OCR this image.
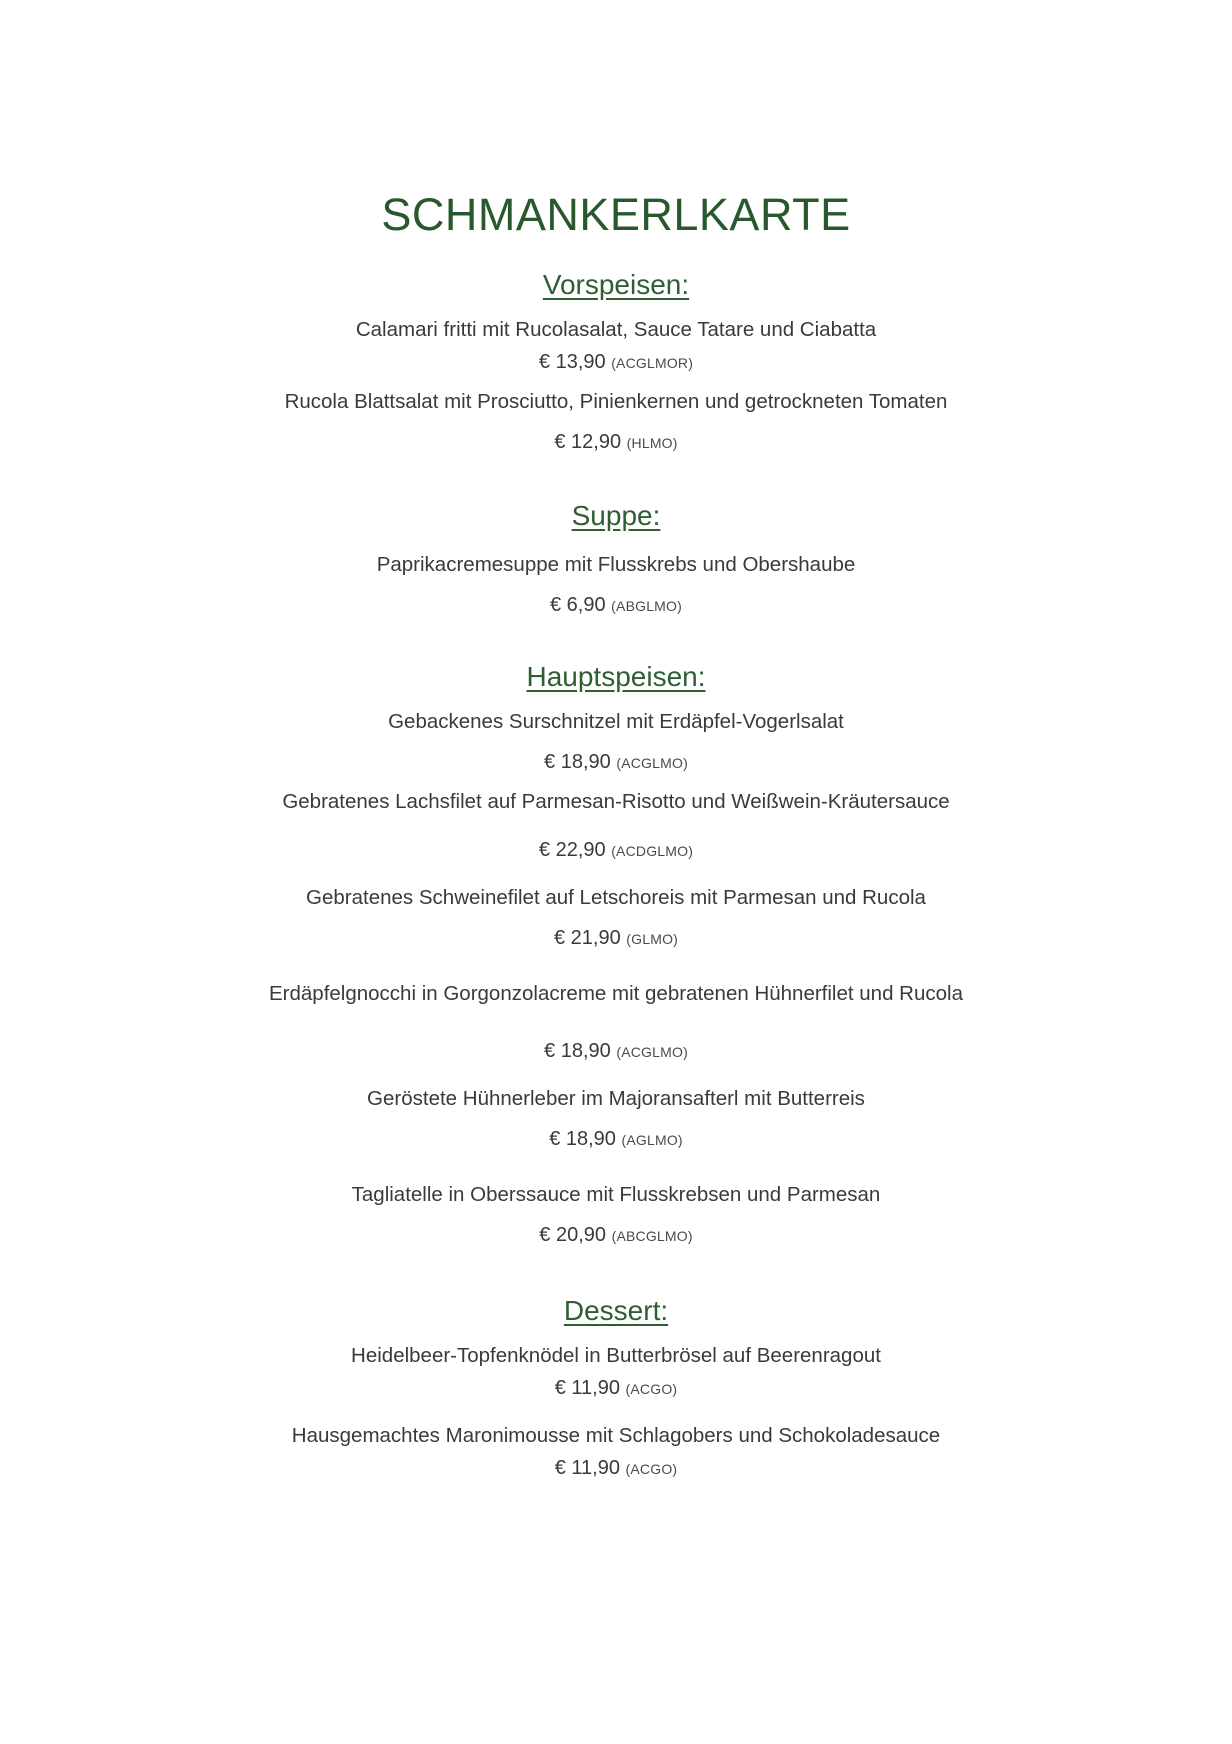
SCHMANKERLKARTE
Vorspeisen:
Calamari fritti mit Rucolasalat, Sauce Tatare und Ciabatta
€ 13,90 (ACGLMOR)
Rucola Blattsalat mit Prosciutto, Pinienkernen und getrockneten Tomaten
€ 12,90 (HLMO)
Suppe:
Paprikacremesuppe mit Flusskrebs und Obershaube
€ 6,90 (ABGLMO)
Hauptspeisen:
Gebackenes Surschnitzel mit Erdäpfel-Vogerlsalat
€ 18,90 (ACGLMO)
Gebratenes Lachsfilet auf Parmesan-Risotto und Weißwein-Kräutersauce
€ 22,90 (ACDGLMO)
Gebratenes Schweinefilet auf Letschoreis mit Parmesan und Rucola
€ 21,90 (GLMO)
Erdäpfelgnocchi in Gorgonzolacreme mit gebratenen Hühnerfilet und Rucola
€ 18,90 (ACGLMO)
Geröstete Hühnerleber im Majoransafterl mit Butterreis
€ 18,90 (AGLMO)
Tagliatelle in Oberssauce mit Flusskrebsen und Parmesan
€ 20,90 (ABCGLMO)
Dessert:
Heidelbeer-Topfenknödel in Butterbrösel auf Beerenragout
€ 11,90 (ACGO)
Hausgemachtes Maronimousse mit Schlagobers und Schokoladesauce
€ 11,90 (ACGO)
